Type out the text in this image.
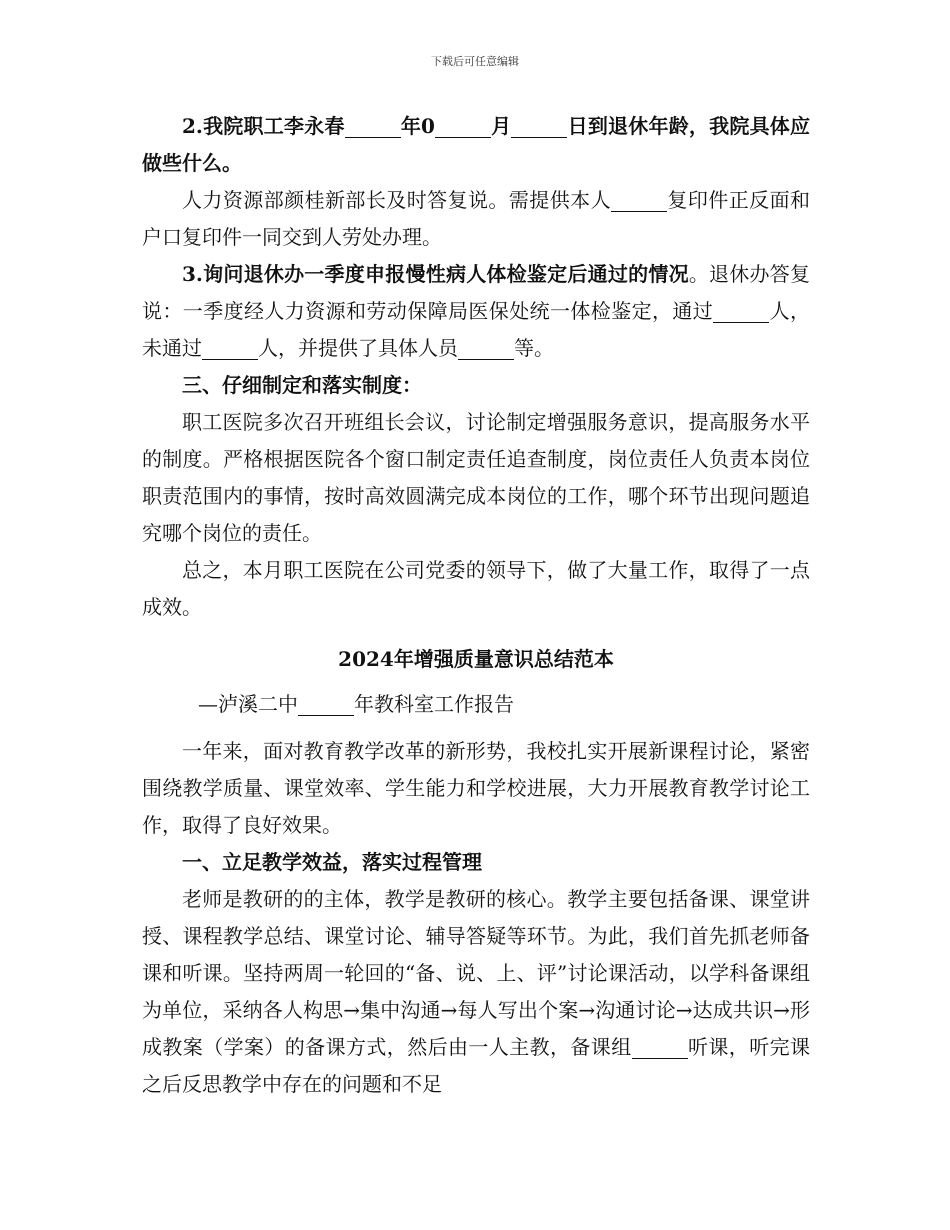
下载后可任意编辑

2.我院职工李永春	年0	月	日到退休年龄，我院具体应做些什么。

人力资源部颜桂新部长及时答复说。需提供本人	复印件正反面和户口复印件一同交到人劳处办理。

3.询问退休办一季度申报慢性病人体检鉴定后通过的情况。退休办答复说：一季度经人力资源和劳动保障局医保处统一体检鉴定，通过	人，未通过	人，并提供了具体人员	等。

三、仔细制定和落实制度：

职工医院多次召开班组长会议，讨论制定增强服务意识，提高服务水平的制度。严格根据医院各个窗口制定责任追查制度，岗位责任人负责本岗位职责范围内的事情，按时高效圆满完成本岗位的工作，哪个环节出现问题追究哪个岗位的责任。

总之，本月职工医院在公司党委的领导下，做了大量工作，取得了一点成效。

2024年增强质量意识总结范本
—泸溪二中	年教科室工作报告

一年来，面对教育教学改革的新形势，我校扎实开展新课程讨论，紧密围绕教学质量、课堂效率、学生能力和学校进展，大力开展教育教学讨论工作，取得了良好效果。

一、立足教学效益，落实过程管理

老师是教研的的主体，教学是教研的核心。教学主要包括备课、课堂讲授、课程教学总结、课堂讨论、辅导答疑等环节。为此，我们首先抓老师备课和听课。坚持两周一轮回的“备、说、上、评”讨论课活动，以学科备课组为单位，采纳各人构思→集中沟通→每人写出个案→沟通讨论→达成共识→形成教案（学案）的备课方式，然后由一人主教，备课组	听课，听完课之后反思教学中存在的问题和不足
